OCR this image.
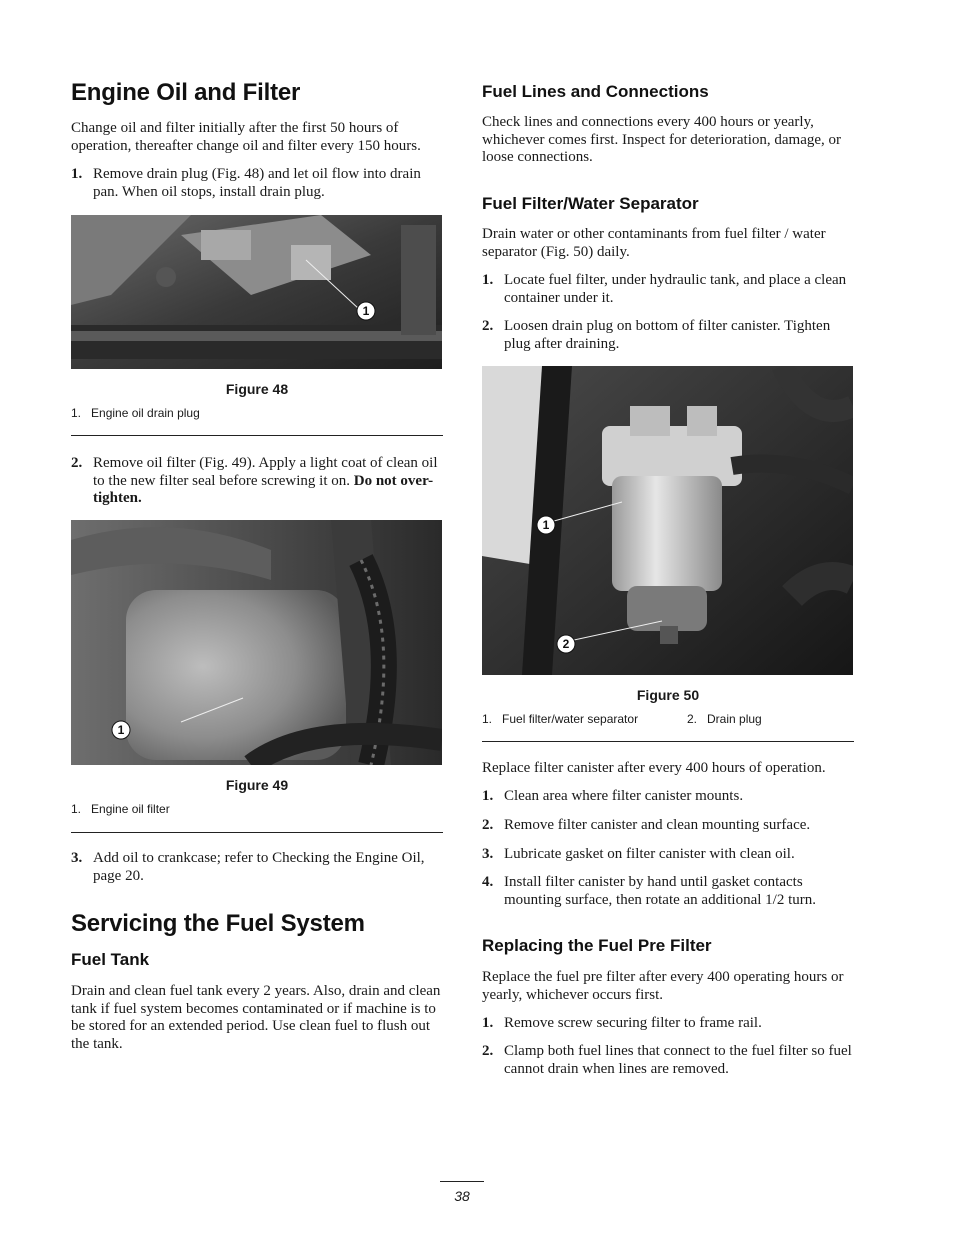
Engine Oil and Filter

Change oil and filter initially after the first 50 hours of operation, thereafter change oil and filter every 150 hours.

1. Remove drain plug (Fig. 48) and let oil flow into drain pan. When oil stops, install drain plug.
1
Figure 48
1.   Engine oil drain plug
2. Remove oil filter (Fig. 49). Apply a light coat of clean oil to the new filter seal before screwing it on. Do not over-tighten.
1
Figure 49
1.   Engine oil filter
3. Add oil to crankcase; refer to Checking the Engine Oil, page 20.
Servicing the Fuel System
Fuel Tank

Drain and clean fuel tank every 2 years. Also, drain and clean tank if fuel system becomes contaminated or if machine is to be stored for an extended period. Use clean fuel to flush out the tank.

Fuel Lines and Connections

Check lines and connections every 400 hours or yearly, whichever comes first. Inspect for deterioration, damage, or loose connections.

Fuel Filter/Water Separator

Drain water or other contaminants from fuel filter / water separator (Fig. 50) daily.

1. Locate fuel filter, under hydraulic tank, and place a clean container under it.
2. Loosen drain plug on bottom of filter canister. Tighten plug after draining.
1
2
Figure 50
1.   Fuel filter/water separator	2.   Drain plug

Replace filter canister after every 400 hours of operation.

1. Clean area where filter canister mounts.
2. Remove filter canister and clean mounting surface.
3. Lubricate gasket on filter canister with clean oil.
4. Install filter canister by hand until gasket contacts mounting surface, then rotate an additional 1/2 turn.
Replacing the Fuel Pre Filter

Replace the fuel pre filter after every 400 operating hours or yearly, whichever occurs first.

1. Remove screw securing filter to frame rail.
2. Clamp both fuel lines that connect to the fuel filter so fuel cannot drain when lines are removed.
38
